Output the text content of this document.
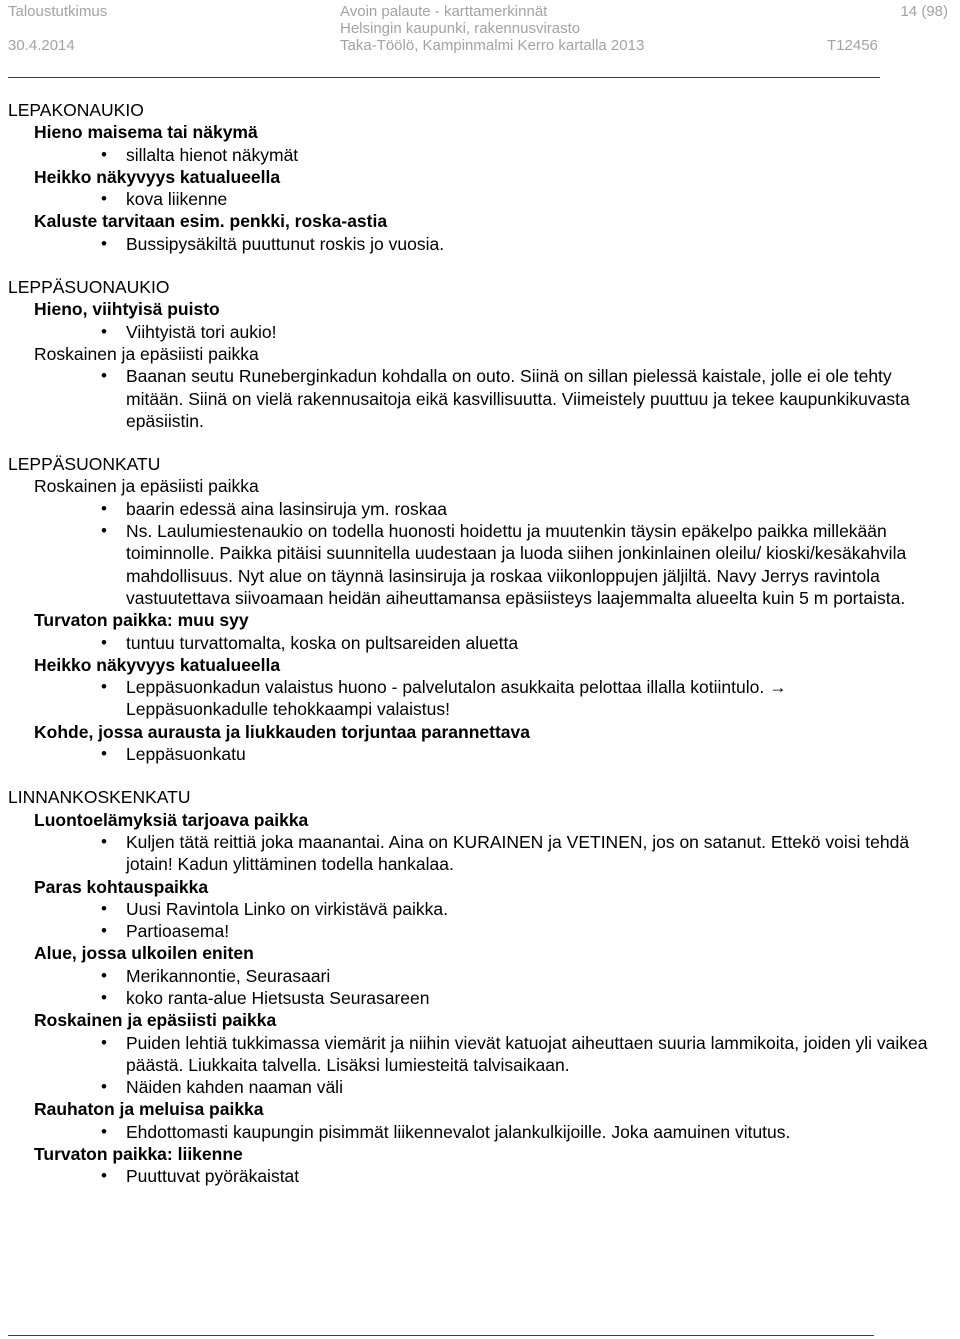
Taloustutkimus
30.4.2014
Avoin palaute - karttamerkinnät
Helsingin kaupunki, rakennusvirasto
Taka-Töölö, Kampinmalmi Kerro kartalla 2013
14 (98)
T12456
LEPAKONAUKIO
Hieno maisema tai näkymä
• sillalta hienot näkymät
Heikko näkyvyys katualueella
• kova liikenne
Kaluste tarvitaan esim. penkki, roska-astia
• Bussipysäkiltä puuttunut roskis jo vuosia.
LEPPÄSUONAUKIO
Hieno, viihtyisä puisto
• Viihtyistä tori aukio!
Roskainen ja epäsiisti paikka
• Baanan seutu Runeberginkadun kohdalla on outo. Siinä on sillan pielessä kaistale, jolle ei ole tehty mitään. Siinä on vielä rakennusaitoja eikä kasvillisuutta. Viimeistely puuttuu ja tekee kaupunkikuvasta epäsiistin.
LEPPÄSUONKATU
Roskainen ja epäsiisti paikka
• baarin edessä aina lasinsiruja ym. roskaa
• Ns. Laulumiestenaukio on todella huonosti hoidettu ja muutenkin täysin epäkelpo paikka millekään toiminnolle. Paikka pitäisi suunnitella uudestaan ja luoda siihen jonkinlainen oleilu/ kioski/kesäkahvila mahdollisuus. Nyt alue on täynnä lasinsiruja ja roskaa viikonloppujen jäljiltä. Navy Jerrys ravintola vastuutettava siivoamaan heidän aiheuttamansa epäsiisteys laajemmalta alueelta kuin 5 m portaista.
Turvaton paikka: muu syy
• tuntuu turvattomalta, koska on pultsareiden aluetta
Heikko näkyvyys katualueella
• Leppäsuonkadun valaistus huono - palvelutalon asukkaita pelottaa illalla kotiintulo. → Leppäsuonkadulle tehokkaampi valaistus!
Kohde, jossa aurausta ja liukkauden torjuntaa parannettava
• Leppäsuonkatu
LINNANKOSKENKATU
Luontoelämyksiä tarjoava paikka
• Kuljen tätä reittiä joka maanantai. Aina on KURAINEN ja VETINEN, jos on satanut. Ettekö voisi tehdä jotain! Kadun ylittäminen todella hankalaa.
Paras kohtauspaikka
• Uusi Ravintola Linko on virkistävä paikka.
• Partioasema!
Alue, jossa ulkoilen eniten
• Merikannontie, Seurasaari
• koko ranta-alue Hietsusta Seurasareen
Roskainen ja epäsiisti paikka
• Puiden lehtiä tukkimassa viemärit ja niihin vievät katuojat aiheuttaen suuria lammikoita, joiden yli vaikea päästä. Liukkaita talvella. Lisäksi lumiesteitä talvisaikaan.
• Näiden kahden naaman väli
Rauhaton ja meluisa paikka
• Ehdottomasti kaupungin pisimmät liikennevalot jalankulkijoille. Joka aamuinen vitutus.
Turvaton paikka: liikenne
• Puuttuvat pyöräkaistat
